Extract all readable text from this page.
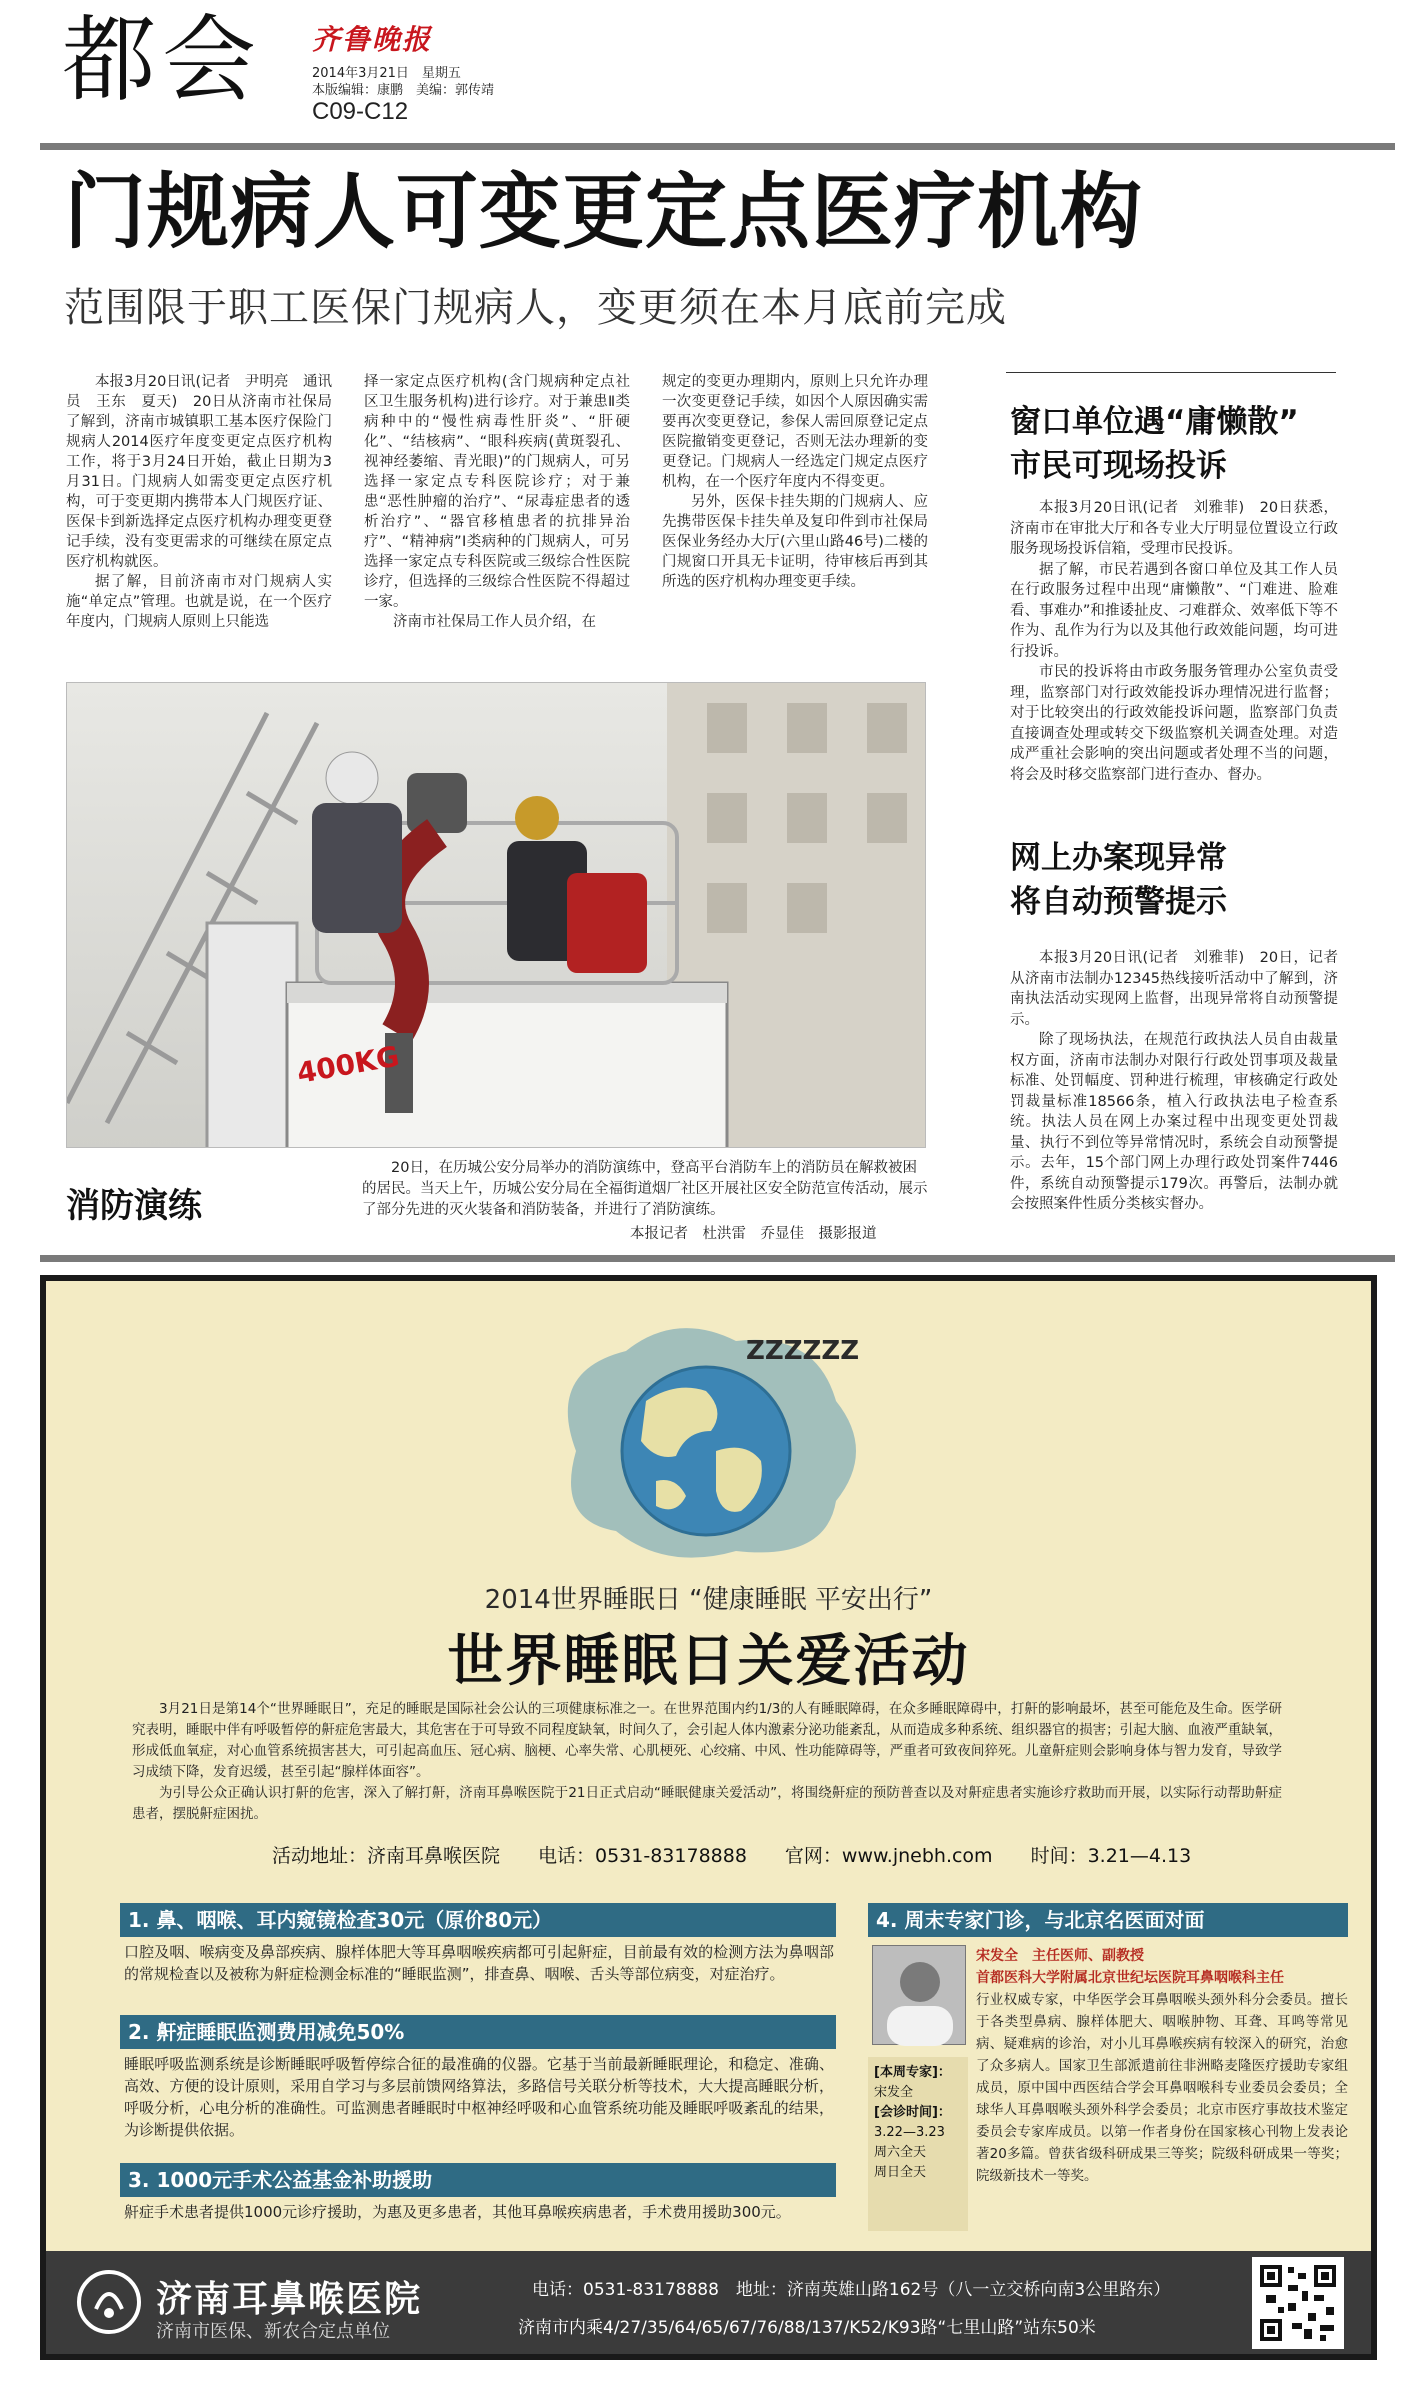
都会 齐鲁晚报
2014年3月21日　星期五
本版编辑：康鹏　美编：郭传靖
C09-C12
门规病人可变更定点医疗机构
范围限于职工医保门规病人，变更须在本月底前完成

本报3月20日讯(记者　尹明亮　通讯员　王东　夏天)　20日从济南市社保局了解到，济南市城镇职工基本医疗保险门规病人2014医疗年度变更定点医疗机构工作，将于3月24日开始，截止日期为3月31日。门规病人如需变更定点医疗机构，可于变更期内携带本人门规医疗证、医保卡到新选择定点医疗机构办理变更登记手续，没有变更需求的可继续在原定点医疗机构就医。

据了解，目前济南市对门规病人实施“单定点”管理。也就是说，在一个医疗年度内，门规病人原则上只能选

择一家定点医疗机构(含门规病种定点社区卫生服务机构)进行诊疗。对于兼患Ⅱ类病种中的“慢性病毒性肝炎”、“肝硬化”、“结核病”、“眼科疾病(黄斑裂孔、视神经萎缩、青光眼)”的门规病人，可另选择一家定点专科医院诊疗；对于兼患“恶性肿瘤的治疗”、“尿毒症患者的透析治疗”、“器官移植患者的抗排异治疗”、“精神病”Ⅰ类病种的门规病人，可另选择一家定点专科医院或三级综合性医院诊疗，但选择的三级综合性医院不得超过一家。

济南市社保局工作人员介绍，在

规定的变更办理期内，原则上只允许办理一次变更登记手续，如因个人原因确实需要再次变更登记，参保人需回原登记定点医院撤销变更登记，否则无法办理新的变更登记。门规病人一经选定门规定点医疗机构，在一个医疗年度内不得变更。

另外，医保卡挂失期的门规病人、应先携带医保卡挂失单及复印件到市社保局医保业务经办大厅(六里山路46号)二楼的门规窗口开具无卡证明，待审核后再到其所选的医疗机构办理变更手续。

窗口单位遇“庸懒散”
市民可现场投诉

本报3月20日讯(记者　刘雅菲)　20日获悉，济南市在审批大厅和各专业大厅明显位置设立行政服务现场投诉信箱，受理市民投诉。

据了解，市民若遇到各窗口单位及其工作人员在行政服务过程中出现“庸懒散”、“门难进、脸难看、事难办”和推诿扯皮、刁难群众、效率低下等不作为、乱作为行为以及其他行政效能问题，均可进行投诉。

市民的投诉将由市政务服务管理办公室负责受理，监察部门对行政效能投诉办理情况进行监督；对于比较突出的行政效能投诉问题，监察部门负责直接调查处理或转交下级监察机关调查处理。对造成严重社会影响的突出问题或者处理不当的问题，将会及时移交监察部门进行查办、督办。

网上办案现异常
将自动预警提示

本报3月20日讯(记者　刘雅菲)　20日，记者从济南市法制办12345热线接听活动中了解到，济南执法活动实现网上监督，出现异常将自动预警提示。

除了现场执法，在规范行政执法人员自由裁量权方面，济南市法制办对限行行政处罚事项及裁量标准、处罚幅度、罚种进行梳理，审核确定行政处罚裁量标准18566条，植入行政执法电子检查系统。执法人员在网上办案过程中出现变更处罚裁量、执行不到位等异常情况时，系统会自动预警提示。去年，15个部门网上办理行政处罚案件7446件，系统自动预警提示179次。再警后，法制办就会按照案件性质分类核实督办。

400KG
消防演练
20日，在历城公安分局举办的消防演练中，登高平台消防车上的消防员在解救被困的居民。当天上午，历城公安分局在全福街道烟厂社区开展社区安全防范宣传活动，展示了部分先进的灭火装备和消防装备，并进行了消防演练。
本报记者　杜洪雷　乔显佳　摄影报道
ZZZZZZ
2014世界睡眠日 “健康睡眠 平安出行”
世界睡眠日关爱活动

3月21日是第14个“世界睡眠日”，充足的睡眠是国际社会公认的三项健康标准之一。在世界范围内约1/3的人有睡眠障碍，在众多睡眠障碍中，打鼾的影响最坏，甚至可能危及生命。医学研究表明，睡眠中伴有呼吸暂停的鼾症危害最大，其危害在于可导致不同程度缺氧，时间久了，会引起人体内激素分泌功能紊乱，从而造成多种系统、组织器官的损害；引起大脑、血液严重缺氧，形成低血氧症，对心血管系统损害甚大，可引起高血压、冠心病、脑梗、心率失常、心肌梗死、心绞痛、中风、性功能障碍等，严重者可致夜间猝死。儿童鼾症则会影响身体与智力发育，导致学习成绩下降，发育迟缓，甚至引起“腺样体面容”。

为引导公众正确认识打鼾的危害，深入了解打鼾，济南耳鼻喉医院于21日正式启动“睡眠健康关爱活动”，将围绕鼾症的预防普查以及对鼾症患者实施诊疗救助而开展，以实际行动帮助鼾症患者，摆脱鼾症困扰。

活动地址：济南耳鼻喉医院　　电话：0531-83178888　　官网：www.jnebh.com　　时间：3.21—4.13
1. 鼻、咽喉、耳内窥镜检查30元（原价80元）
口腔及咽、喉病变及鼻部疾病、腺样体肥大等耳鼻咽喉疾病都可引起鼾症，目前最有效的检测方法为鼻咽部的常规检查以及被称为鼾症检测金标准的“睡眠监测”，排查鼻、咽喉、舌头等部位病变，对症治疗。
2. 鼾症睡眠监测费用减免50%
睡眠呼吸监测系统是诊断睡眠呼吸暂停综合征的最准确的仪器。它基于当前最新睡眠理论，和稳定、准确、高效、方便的设计原则，采用自学习与多层前馈网络算法，多路信号关联分析等技术，大大提高睡眠分析，呼吸分析，心电分析的准确性。可监测患者睡眠时中枢神经呼吸和心血管系统功能及睡眠呼吸紊乱的结果，为诊断提供依据。
3. 1000元手术公益基金补助援助
鼾症手术患者提供1000元诊疗援助，为惠及更多患者，其他耳鼻喉疾病患者，手术费用援助300元。
4. 周末专家门诊，与北京名医面对面
宋发全　主任医师、副教授
首都医科大学附属北京世纪坛医院耳鼻咽喉科主任
[本周专家]：
宋发全
[会诊时间]：
3.22—3.23
周六全天
周日全天
行业权威专家，中华医学会耳鼻咽喉头颈外科分会委员。擅长于各类型鼻病、腺样体肥大、咽喉肿物、耳聋、耳鸣等常见病、疑难病的诊治，对小儿耳鼻喉疾病有较深入的研究，治愈了众多病人。国家卫生部派遣前往非洲略麦隆医疗援助专家组成员，原中国中西医结合学会耳鼻咽喉科专业委员会委员；全球华人耳鼻咽喉头颈外科学会委员；北京市医疗事故技术鉴定委员会专家库成员。以第一作者身份在国家核心刊物上发表论著20多篇。曾获省级科研成果三等奖；院级科研成果一等奖；院级新技术一等奖。
济南耳鼻喉医院
济南市医保、新农合定点单位
电话：0531-83178888　地址：济南英雄山路162号（八一立交桥向南3公里路东）
济南市内乘4/27/35/64/65/67/76/88/137/K52/K93路“七里山路”站东50米
